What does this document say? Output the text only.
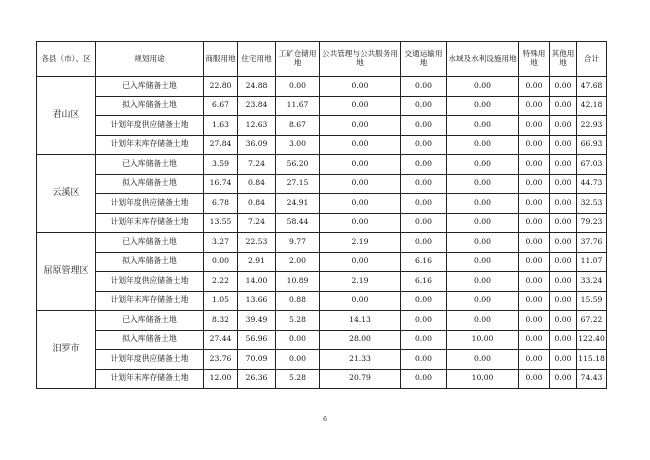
各县（市）、区	规划用途	商服用地	住宅用地	工矿仓储用地	公共管理与公共服务用地	交通运输用地	水域及水利设施用地	特殊用地	其他用地	合计
君山区	已入库储备土地	22.80	24.88	0.00	0.00	0.00	0.00	0.00	0.00	47.68
	拟入库储备土地	6.67	23.84	11.67	0.00	0.00	0.00	0.00	0.00	42.18
	计划年度供应储备土地	1.63	12.63	8.67	0.00	0.00	0.00	0.00	0.00	22.93
	计划年末库存储备土地	27.84	36.09	3.00	0.00	0.00	0.00	0.00	0.00	66.93
云溪区	已入库储备土地	3.59	7.24	56.20	0.00	0.00	0.00	0.00	0.00	67.03
	拟入库储备土地	16.74	0.84	27.15	0.00	0.00	0.00	0.00	0.00	44.73
	计划年度供应储备土地	6.78	0.84	24.91	0.00	0.00	0.00	0.00	0.00	32.53
	计划年末库存储备土地	13.55	7.24	58.44	0.00	0.00	0.00	0.00	0.00	79.23
屈原管理区	已入库储备土地	3.27	22.53	9.77	2.19	0.00	0.00	0.00	0.00	37.76
	拟入库储备土地	0.00	2.91	2.00	0.00	6.16	0.00	0.00	0.00	11.07
	计划年度供应储备土地	2.22	14.00	10.89	2.19	6.16	0.00	0.00	0.00	33.24
	计划年末库存储备土地	1.05	13.66	0.88	0.00	0.00	0.00	0.00	0.00	15.59
汨罗市	已入库储备土地	8.32	39.49	5.28	14.13	0.00	0.00	0.00	0.00	67.22
	拟入库储备土地	27.44	56.96	0.00	28.00	0.00	10.00	0.00	0.00	122.40
	计划年度供应储备土地	23.76	70.09	0.00	21.33	0.00	0.00	0.00	0.00	115.18
	计划年末库存储备土地	12.00	26.36	5.28	20.79	0.00	10.00	0.00	0.00	74.43
6
